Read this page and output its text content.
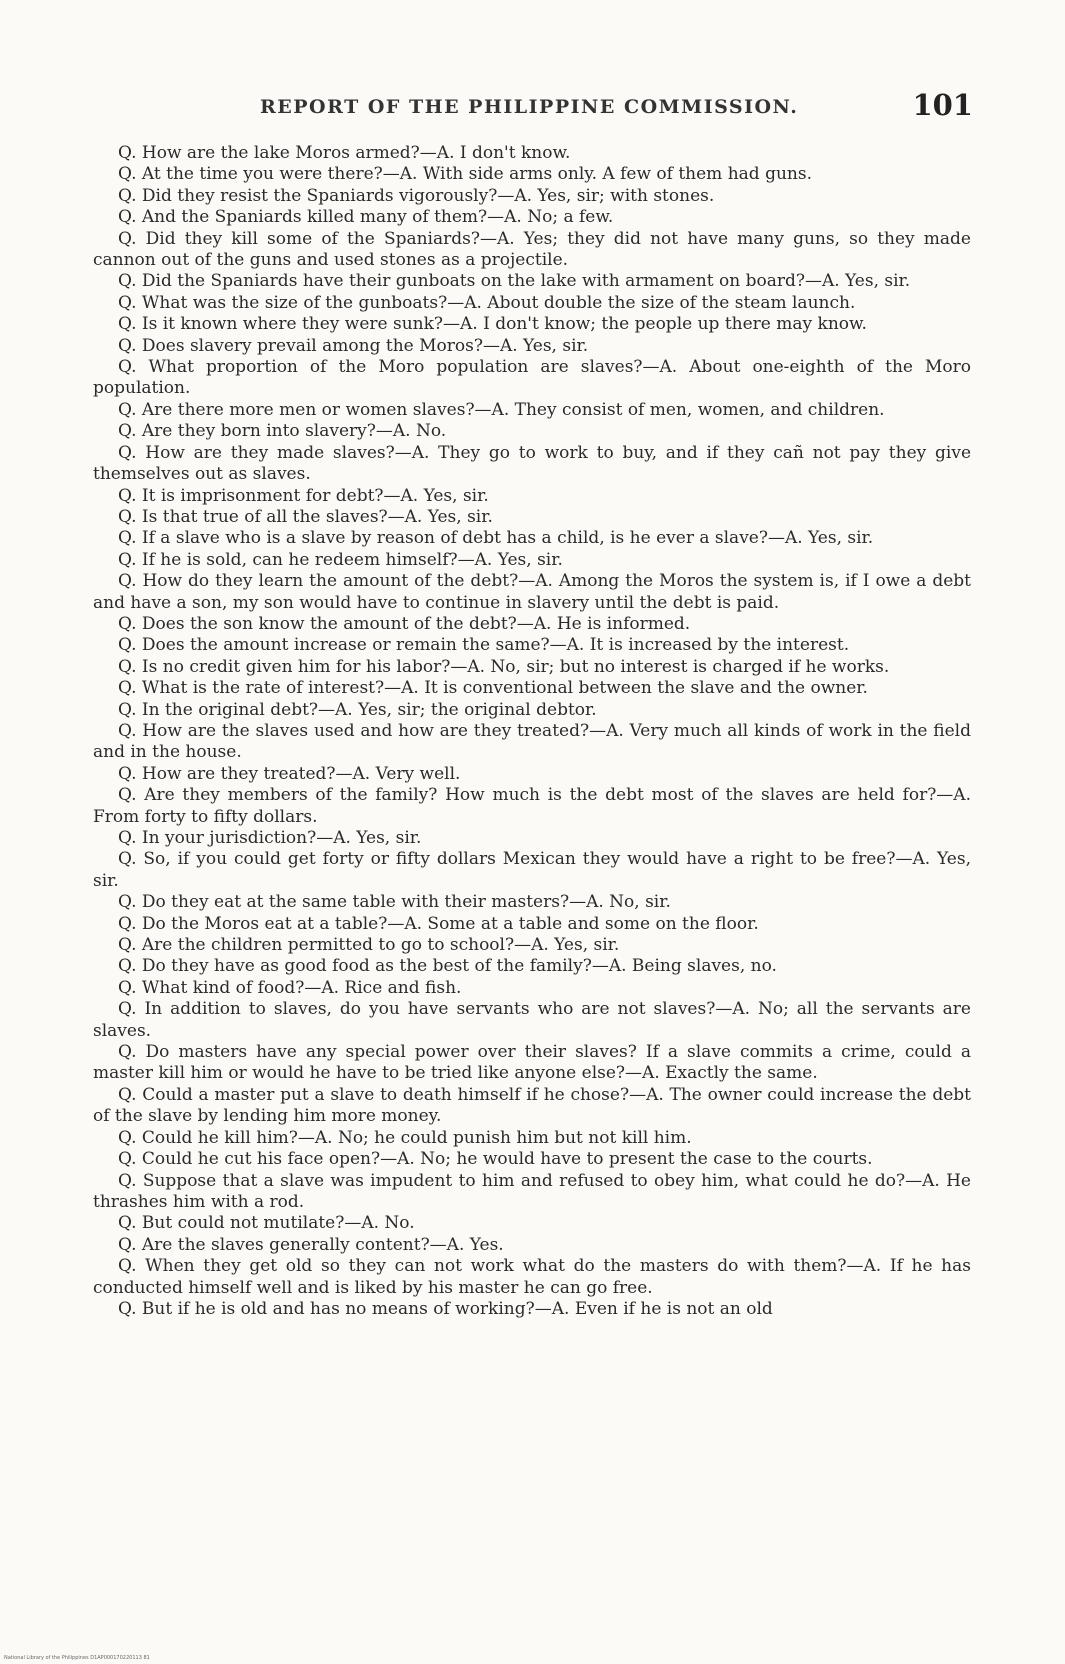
REPORT OF THE PHILIPPINE COMMISSION.	101

Q. How are the lake Moros armed?—A. I don't know.

Q. At the time you were there?—A. With side arms only. A few of them had guns.

Q. Did they resist the Spaniards vigorously?—A. Yes, sir; with stones.

Q. And the Spaniards killed many of them?—A. No; a few.

Q. Did they kill some of the Spaniards?—A. Yes; they did not have many guns, so they made cannon out of the guns and used stones as a projectile.

Q. Did the Spaniards have their gunboats on the lake with armament on board?—A. Yes, sir.

Q. What was the size of the gunboats?—A. About double the size of the steam launch.

Q. Is it known where they were sunk?—A. I don't know; the people up there may know.

Q. Does slavery prevail among the Moros?—A. Yes, sir.

Q. What proportion of the Moro population are slaves?—A. About one-eighth of the Moro population.

Q. Are there more men or women slaves?—A. They consist of men, women, and children.

Q. Are they born into slavery?—A. No.

Q. How are they made slaves?—A. They go to work to buy, and if they cañ not pay they give themselves out as slaves.

Q. It is imprisonment for debt?—A. Yes, sir.

Q. Is that true of all the slaves?—A. Yes, sir.

Q. If a slave who is a slave by reason of debt has a child, is he ever a slave?—A. Yes, sir.

Q. If he is sold, can he redeem himself?—A. Yes, sir.

Q. How do they learn the amount of the debt?—A. Among the Moros the system is, if I owe a debt and have a son, my son would have to continue in slavery until the debt is paid.

Q. Does the son know the amount of the debt?—A. He is informed.

Q. Does the amount increase or remain the same?—A. It is increased by the interest.

Q. Is no credit given him for his labor?—A. No, sir; but no interest is charged if he works.

Q. What is the rate of interest?—A. It is conventional between the slave and the owner.

Q. In the original debt?—A. Yes, sir; the original debtor.

Q. How are the slaves used and how are they treated?—A. Very much all kinds of work in the field and in the house.

Q. How are they treated?—A. Very well.

Q. Are they members of the family? How much is the debt most of the slaves are held for?—A. From forty to fifty dollars.

Q. In your jurisdiction?—A. Yes, sir.

Q. So, if you could get forty or fifty dollars Mexican they would have a right to be free?—A. Yes, sir.

Q. Do they eat at the same table with their masters?—A. No, sir.

Q. Do the Moros eat at a table?—A. Some at a table and some on the floor.

Q. Are the children permitted to go to school?—A. Yes, sir.

Q. Do they have as good food as the best of the family?—A. Being slaves, no.

Q. What kind of food?—A. Rice and fish.

Q. In addition to slaves, do you have servants who are not slaves?—A. No; all the servants are slaves.

Q. Do masters have any special power over their slaves? If a slave commits a crime, could a master kill him or would he have to be tried like anyone else?—A. Exactly the same.

Q. Could a master put a slave to death himself if he chose?—A. The owner could increase the debt of the slave by lending him more money.

Q. Could he kill him?—A. No; he could punish him but not kill him.

Q. Could he cut his face open?—A. No; he would have to present the case to the courts.

Q. Suppose that a slave was impudent to him and refused to obey him, what could he do?—A. He thrashes him with a rod.

Q. But could not mutilate?—A. No.

Q. Are the slaves generally content?—A. Yes.

Q. When they get old so they can not work what do the masters do with them?—A. If he has conducted himself well and is liked by his master he can go free.

Q. But if he is old and has no means of working?—A. Even if he is not an old

National Library of the Philippines D1AP000170220113 81
